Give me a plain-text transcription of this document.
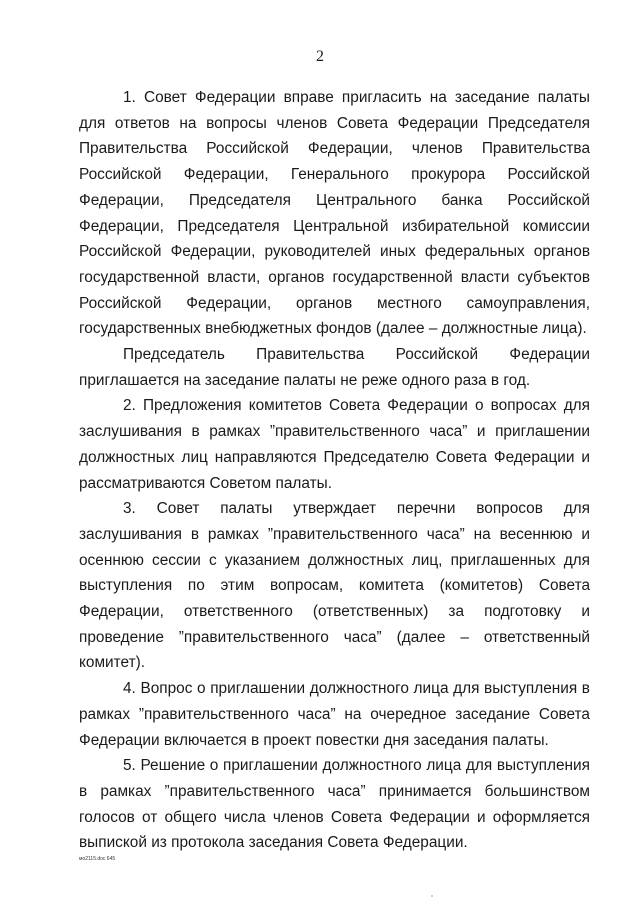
2

1. Совет Федерации вправе пригласить на заседание палаты для ответов на вопросы членов Совета Федерации Председателя Правительства Российской Федерации, членов Правительства Российской Федерации, Генерального прокурора Российской Федерации, Председателя Центрального банка Российской Федерации, Председателя Центральной избирательной комиссии Российской Федерации, руководителей иных федеральных органов государственной власти, органов государственной власти субъектов Российской Федерации, органов местного самоуправления, государственных внебюджетных фондов (далее – должностные лица).

Председатель Правительства Российской Федерации приглашается на заседание палаты не реже одного раза в год.

2. Предложения комитетов Совета Федерации о вопросах для заслушивания в рамках ”правительственного часа” и приглашении должностных лиц направляются Председателю Совета Федерации и рассматриваются Советом палаты.

3. Совет палаты утверждает перечни вопросов для заслушивания в рамках ”правительственного часа” на весеннюю и осеннюю сессии с указанием должностных лиц, приглашенных для выступления по этим вопросам, комитета (комитетов) Совета Федерации, ответственного (ответственных) за подготовку и проведение ”правительственного часа” (далее – ответственный комитет).

4. Вопрос о приглашении должностного лица для выступления в рамках ”правительственного часа” на очередное заседание Совета Федерации включается в проект повестки дня заседания палаты.

5. Решение о приглашении должностного лица для выступления в рамках ”правительственного часа” принимается большинством голосов от общего числа членов Совета Федерации и оформляется выпиской из протокола заседания Совета Федерации.

мо2115.doc 645
